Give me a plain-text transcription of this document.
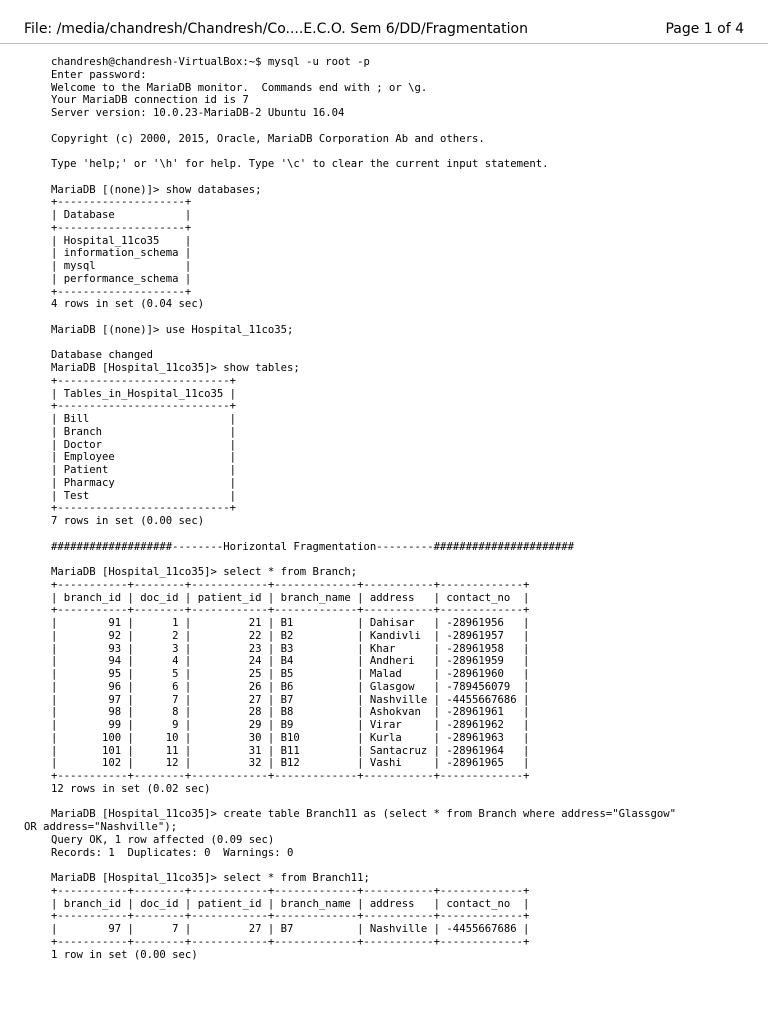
File: /media/chandresh/Chandresh/Co....E.C.O. Sem 6/DD/Fragmentation	Page 1 of 4
chandresh@chandresh-VirtualBox:~$ mysql -u root -p
Enter password:
Welcome to the MariaDB monitor.  Commands end with ; or \g.
Your MariaDB connection id is 7
Server version: 10.0.23-MariaDB-2 Ubuntu 16.04
Copyright (c) 2000, 2015, Oracle, MariaDB Corporation Ab and others.
Type 'help;' or '\h' for help. Type '\c' to clear the current input statement.
MariaDB [(none)]> show databases;
+--------------------+
| Database           |
+--------------------+
| Hospital_11co35    |
| information_schema |
| mysql              |
| performance_schema |
+--------------------+
4 rows in set (0.04 sec)
MariaDB [(none)]> use Hospital_11co35;
Database changed
MariaDB [Hospital_11co35]> show tables;
+---------------------------+
| Tables_in_Hospital_11co35 |
+---------------------------+
| Bill                      |
| Branch                    |
| Doctor                    |
| Employee                  |
| Patient                   |
| Pharmacy                  |
| Test                      |
+---------------------------+
7 rows in set (0.00 sec)
###################--------Horizontal Fragmentation---------######################
MariaDB [Hospital_11co35]> select * from Branch;
+-----------+--------+------------+-------------+-----------+-------------+
| branch_id | doc_id | patient_id | branch_name | address   | contact_no  |
+-----------+--------+------------+-------------+-----------+-------------+
|        91 |      1 |         21 | B1          | Dahisar   | -28961956   |
|        92 |      2 |         22 | B2          | Kandivli  | -28961957   |
|        93 |      3 |         23 | B3          | Khar      | -28961958   |
|        94 |      4 |         24 | B4          | Andheri   | -28961959   |
|        95 |      5 |         25 | B5          | Malad     | -28961960   |
|        96 |      6 |         26 | B6          | Glasgow   | -789456079  |
|        97 |      7 |         27 | B7          | Nashville | -4455667686 |
|        98 |      8 |         28 | B8          | Ashokvan  | -28961961   |
|        99 |      9 |         29 | B9          | Virar     | -28961962   |
|       100 |     10 |         30 | B10         | Kurla     | -28961963   |
|       101 |     11 |         31 | B11         | Santacruz | -28961964   |
|       102 |     12 |         32 | B12         | Vashi     | -28961965   |
+-----------+--------+------------+-------------+-----------+-------------+
12 rows in set (0.02 sec)
MariaDB [Hospital_11co35]> create table Branch11 as (select * from Branch where address="Glassgow"
OR address="Nashville");
Query OK, 1 row affected (0.09 sec)
Records: 1  Duplicates: 0  Warnings: 0
MariaDB [Hospital_11co35]> select * from Branch11;
+-----------+--------+------------+-------------+-----------+-------------+
| branch_id | doc_id | patient_id | branch_name | address   | contact_no  |
+-----------+--------+------------+-------------+-----------+-------------+
|        97 |      7 |         27 | B7          | Nashville | -4455667686 |
+-----------+--------+------------+-------------+-----------+-------------+
1 row in set (0.00 sec)
